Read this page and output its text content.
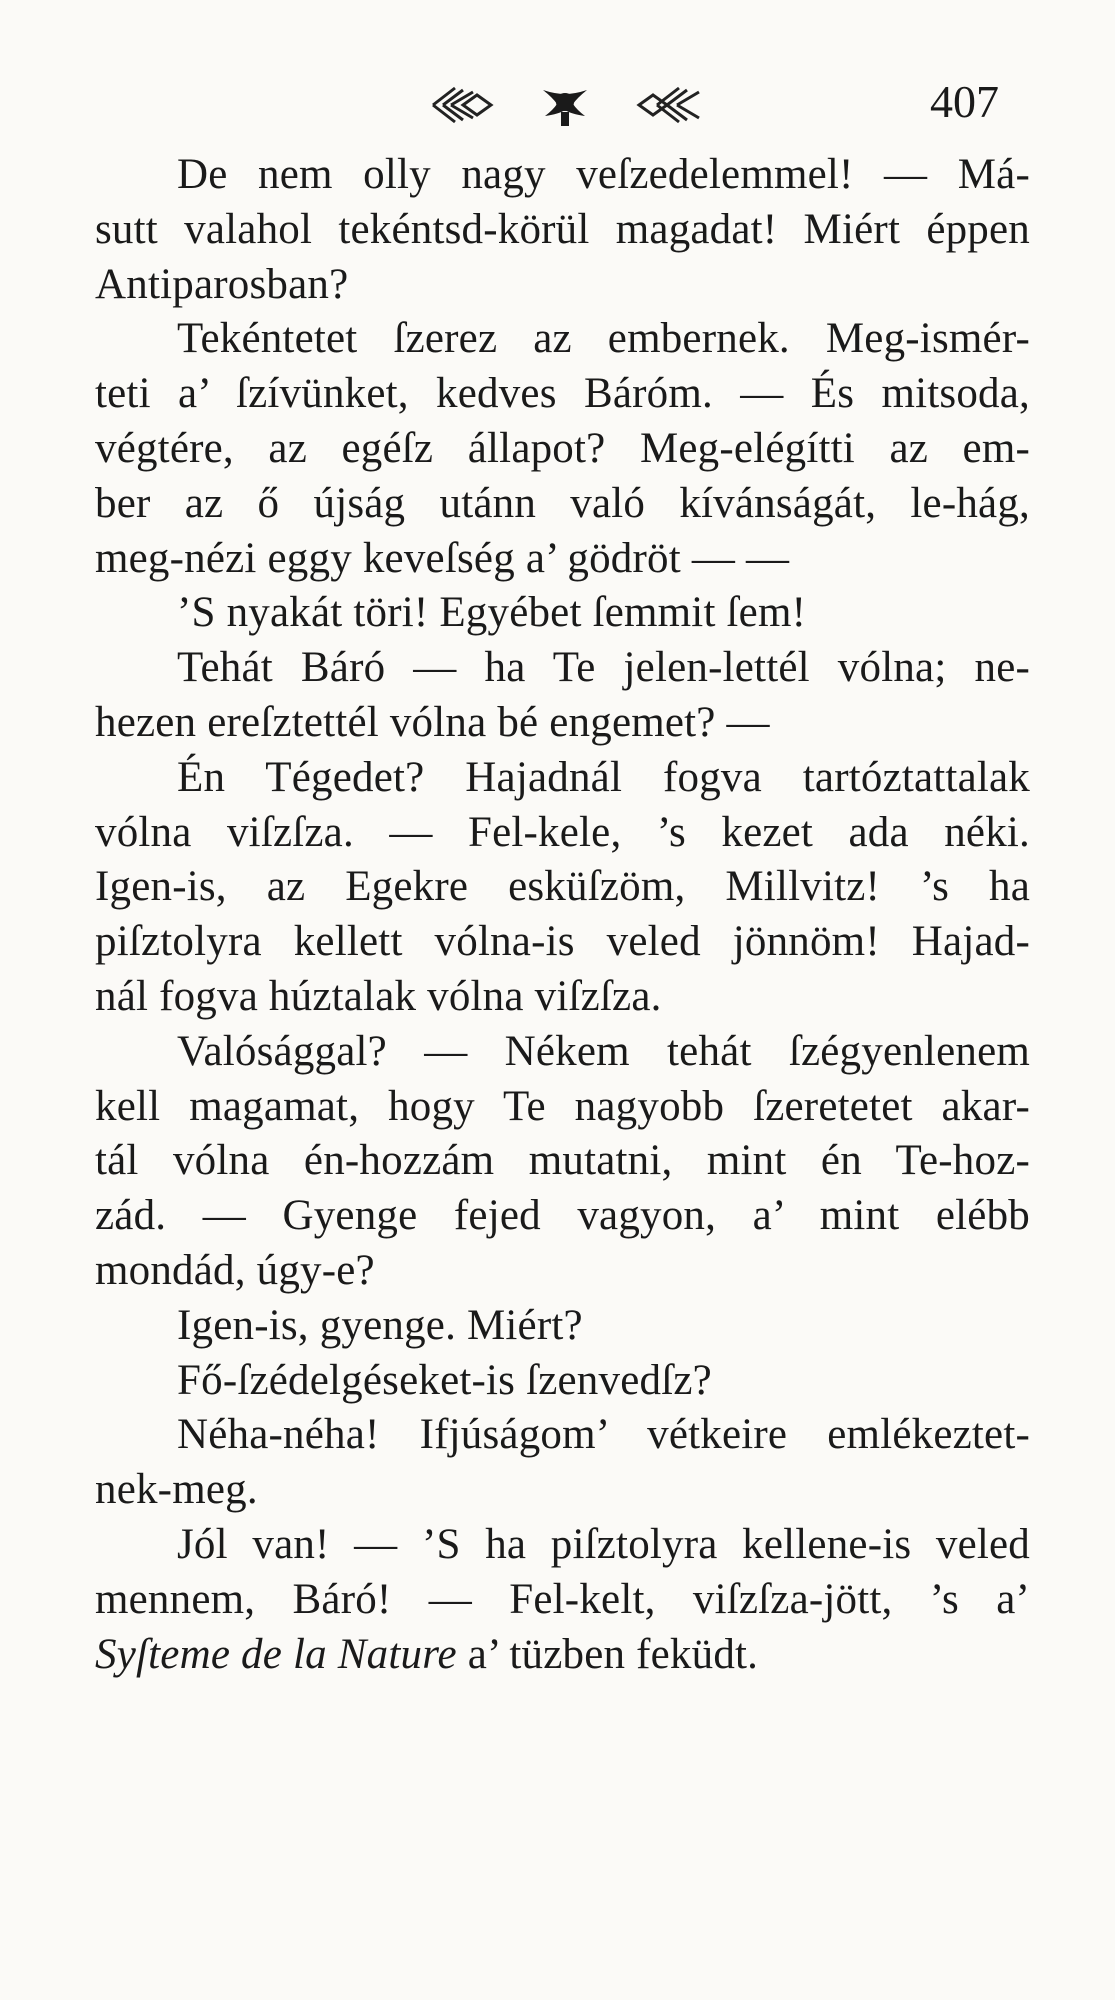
407
De nem olly nagy veſzedelemmel! — Má-
sutt valahol tekéntsd-körül magadat! Miért éppen
Antiparosban?
Tekéntetet ſzerez az embernek. Meg-ismér-
teti a’ ſzívünket, kedves Báróm. — És mitsoda,
végtére, az egéſz állapot? Meg-elégítti az em-
ber az ő újság utánn való kívánságát, le-hág,
meg-nézi eggy keveſség a’ gödröt — —
’S nyakát töri! Egyébet ſemmit ſem!
Tehát Báró — ha Te jelen-lettél vólna; ne-
hezen ereſztettél vólna bé engemet? —
Én Tégedet? Hajadnál fogva tartóztattalak
vólna viſzſza. — Fel-kele, ’s kezet ada néki.
Igen-is, az Egekre esküſzöm, Millvitz! ’s ha
piſztolyra kellett vólna-is veled jönnöm! Hajad-
nál fogva húztalak vólna viſzſza.
Valósággal? — Nékem tehát ſzégyenlenem
kell magamat, hogy Te nagyobb ſzeretetet akar-
tál vólna én-hozzám mutatni, mint én Te-hoz-
zád. — Gyenge fejed vagyon, a’ mint elébb
mondád, úgy-e?
Igen-is, gyenge. Miért?
Fő-ſzédelgéseket-is ſzenvedſz?
Néha-néha! Ifjúságom’ vétkeire emlékeztet-
nek-meg.
Jól van! — ’S ha piſztolyra kellene-is veled
mennem, Báró! — Fel-kelt, viſzſza-jött, ’s a’
Syſteme de la Nature a’ tüzben feküdt.
